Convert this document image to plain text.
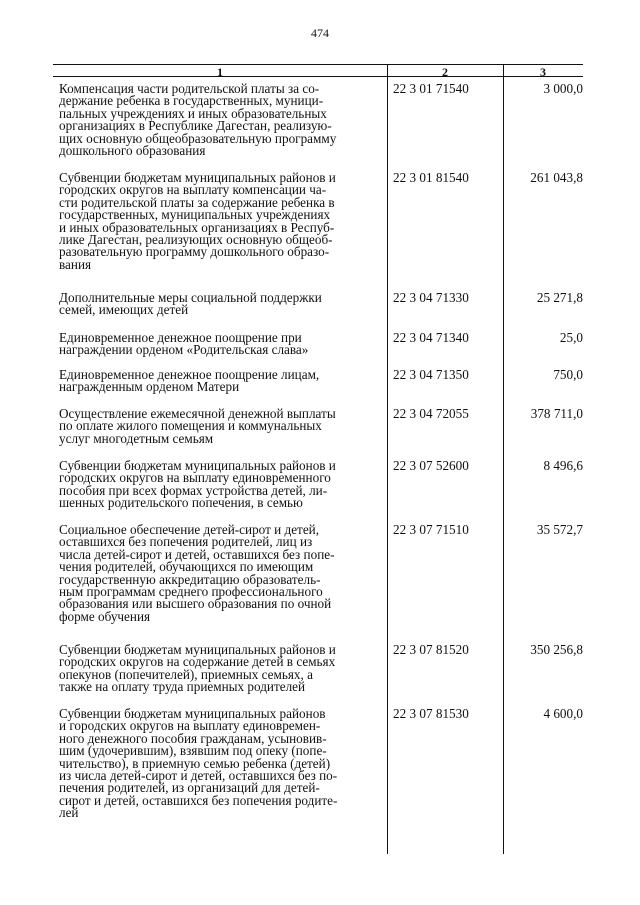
474
1	2	3
Компенсация части родительской платы за со-
держание ребенка в государственных, муници-
пальных учреждениях и иных образовательных
организациях в Республике Дагестан, реализую-
щих основную общеобразовательную программу
дошкольного образования
22 3 01 71540	3 000,0
Субвенции бюджетам муниципальных районов и
городских округов на выплату компенсации ча-
сти родительской платы за содержание ребенка в
государственных, муниципальных учреждениях
и иных образовательных организациях в Респуб-
лике Дагестан, реализующих основную общеоб-
разовательную программу дошкольного образо-
вания
22 3 01 81540	261 043,8
Дополнительные меры социальной поддержки
семей, имеющих детей
22 3 04 71330	25 271,8
Единовременное денежное поощрение при
награждении орденом «Родительская слава»
22 3 04 71340	25,0
Единовременное денежное поощрение лицам,
награжденным орденом Матери
22 3 04 71350	750,0
Осуществление ежемесячной денежной выплаты
по оплате жилого помещения и коммунальных
услуг многодетным семьям
22 3 04 72055	378 711,0
Субвенции бюджетам муниципальных районов и
городских округов на выплату единовременного
пособия при всех формах устройства детей, ли-
шенных родительского попечения, в семью
22 3 07 52600	8 496,6
Социальное обеспечение детей-сирот и детей,
оставшихся без попечения родителей, лиц из
числа детей-сирот и детей, оставшихся без попе-
чения родителей, обучающихся по имеющим
государственную аккредитацию образователь-
ным программам среднего профессионального
образования или высшего образования по очной
форме обучения
22 3 07 71510	35 572,7
Субвенции бюджетам муниципальных районов и
городских округов на содержание детей в семьях
опекунов (попечителей), приемных семьях, а
также на оплату труда приемных родителей
22 3 07 81520	350 256,8
Субвенции бюджетам муниципальных районов
и городских округов на выплату единовремен-
ного денежного пособия гражданам, усыновив-
шим (удочерившим), взявшим под опеку (попе-
чительство), в приемную семью ребенка (детей)
из числа детей-сирот и детей, оставшихся без по-
печения родителей, из организаций для детей-
сирот и детей, оставшихся без попечения родите-
лей
22 3 07 81530	4 600,0
